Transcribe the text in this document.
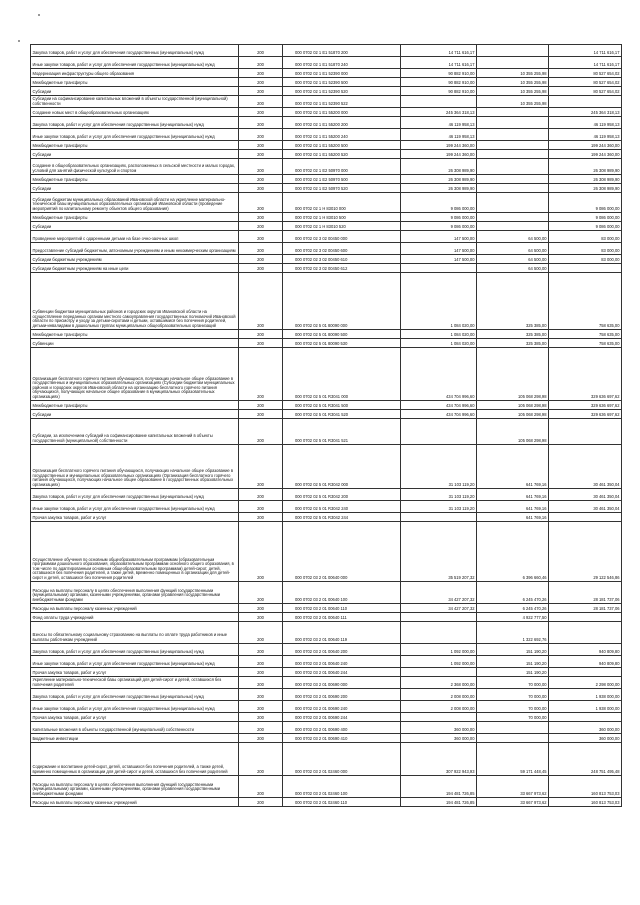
Закупка товаров, работ и услуг для обеспечения государственных (муниципальных) нужд	200	000 0702 02 1 E1 51870 200	14 711 616,17		14 711 616,17
Иные закупки товаров, работ и услуг для обеспечения государственных (муниципальных) нужд	200	000 0702 02 1 E1 51870 240	14 711 616,17		14 711 616,17
Модернизация инфраструктуры общего образования	200	000 0702 02 1 E1 52390 000	90 882 910,00	10 355 255,98	80 527 654,02
Межбюджетные трансферты	200	000 0702 02 1 E1 52390 500	90 882 910,00	10 355 255,98	80 527 654,02
Субсидии	200	000 0702 02 1 E1 52390 520	90 882 910,00	10 355 255,98	80 527 654,02
Субсидии на софинансирование капитальных вложений в объекты государственной (муниципальной) собственности	200	000 0702 02 1 E1 52390 522		10 355 255,98	
Создание новых мест в общеобразовательных организациях	200	000 0702 02 1 E1 55200 000	245 364 318,13		245 364 318,13
Закупка товаров, работ и услуг для обеспечения государственных (муниципальных) нужд	200	000 0702 02 1 E1 55200 200	46 119 958,13		46 119 958,13
Иные закупки товаров, работ и услуг для обеспечения государственных (муниципальных) нужд	200	000 0702 02 1 E1 55200 240	46 119 958,13		46 119 958,13
Межбюджетные трансферты	200	000 0702 02 1 E1 55200 500	199 244 360,00		199 244 360,00
Субсидии	200	000 0702 02 1 E1 55200 520	199 244 360,00		199 244 360,00
Создание в общеобразовательных организациях, расположенных в сельской местности и малых городах, условий для занятий физической культурой и спортом	200	000 0702 02 1 E2 50970 000	26 308 989,90		26 308 989,90
Межбюджетные трансферты	200	000 0702 02 1 E2 50970 500	26 308 989,90		26 308 989,90
Субсидии	200	000 0702 02 1 E2 50970 520	26 308 989,90		26 308 989,90
Субсидии бюджетам муниципальных образований Ивановской области на укрепление материально-технической базы муниципальных образовательных организаций Ивановской области (проведение мероприятий по капитальному ремонту объектов общего образования)	200	000 0702 02 1 Н 83010 000	9 086 000,00		9 086 000,00
Межбюджетные трансферты	200	000 0702 02 1 Н 83010 500	9 086 000,00		9 086 000,00
Субсидии	200	000 0702 02 1 Н 83010 520	9 086 000,00		9 086 000,00
Проведение мероприятий с одаренными детьми на базе очно-заочных школ	200	000 0702 02 3 02 00450 000	147 500,00	64 500,00	83 000,00
Предоставление субсидий бюджетным, автономным учреждениям и иным некоммерческим организациям	200	000 0702 02 3 02 00450 600	147 500,00	64 500,00	83 000,00
Субсидии бюджетным учреждениям	200	000 0702 02 3 02 00450 610	147 500,00	64 500,00	83 000,00
Субсидии бюджетным учреждениям на иные цели	200	000 0702 02 3 02 00450 612		64 500,00	
Субвенции бюджетам муниципальных районов и городских округов Ивановской области на осуществление переданных органам местного самоуправления государственных полномочий Ивановской области по присмотру и уходу за детьми-сиротами и детьми, оставшимися без попечения родителей, детьми-инвалидами в дошкольных группах муниципальных общеобразовательных организаций	200	000 0702 02 5 01 80090 000	1 084 020,00	325 385,00	758 635,00
Межбюджетные трансферты	200	000 0702 02 5 01 80090 500	1 084 020,00	325 385,00	758 635,00
Субвенции	200	000 0702 02 5 01 80090 530	1 084 020,00	325 385,00	758 635,00
Организация бесплатного горячего питания обучающихся, получающих начальное общее образование в государственных и муниципальных образовательных организациях (Субсидии бюджетам муниципальных районов и городских округов Ивановской области на организацию бесплатного горячего питания обучающихся, получающих начальное общее образование в муниципальных образовательных организациях)	200	000 0702 02 5 01 R3041 000	434 704 996,60	105 068 298,98	329 636 697,62
Межбюджетные трансферты	200	000 0702 02 5 01 R3041 500	434 704 996,60	105 068 298,98	329 636 697,62
Субсидии	200	000 0702 02 5 01 R3041 520	434 704 996,60	105 068 298,98	329 636 697,62
Субсидии, за исключением субсидий на софинансирование капитальных вложений в объекты государственной (муниципальной) собственности	200	000 0702 02 5 01 R3041 521		105 068 298,98	
Организация бесплатного горячего питания обучающихся, получающих начальное общее образование в государственных и муниципальных образовательных организациях (Организация бесплатного горячего питания обучающихся, получающих начальное общее образование в государственных образовательных организациях)	200	000 0702 02 5 01 R3042 000	31 103 119,20	641 769,16	30 461 350,04
Закупка товаров, работ и услуг для обеспечения государственных (муниципальных) нужд	200	000 0702 02 5 01 R3042 200	31 103 119,20	641 769,16	30 461 350,04
Иные закупки товаров, работ и услуг для обеспечения государственных (муниципальных) нужд	200	000 0702 02 5 01 R3042 240	31 103 119,20	641 769,16	30 461 350,04
Прочая закупка товаров, работ и услуг	200	000 0702 02 5 01 R3042 244		641 769,16	
Осуществление обучения по основным общеобразовательным программам (образовательным программам дошкольного образования, образовательным программам основного общего образования, в том числе по адаптированным основным общеобразовательным программам) детей-сирот, детей, оставшихся без попечения родителей, а также детей, временно помещенных в организации для детей-сирот и детей, оставшихся без попечения родителей	200	000 0702 03 2 01 00640 000	35 519 207,32	6 396 660,46	29 122 546,86
Расходы на выплаты персоналу в целях обеспечения выполнения функций государственными (муниципальными) органами, казенными учреждениями, органами управления государственными внебюджетными фондами	200	000 0702 03 2 01 00640 100	34 427 207,32	6 245 470,26	28 181 737,06
Расходы на выплаты персоналу казенных учреждений	200	000 0702 03 2 01 00640 110	34 427 207,32	6 245 470,26	28 181 737,06
Фонд оплаты труда учреждений	200	000 0702 03 2 01 00640 111		4 922 777,50	
Взносы по обязательному социальному страхованию на выплаты по оплате труда работников и иные выплаты работникам учреждений	200	000 0702 03 2 01 00640 119		1 322 692,76	
Закупка товаров, работ и услуг для обеспечения государственных (муниципальных) нужд	200	000 0702 03 2 01 00640 200	1 092 000,00	151 190,20	940 809,80
Иные закупки товаров, работ и услуг для обеспечения государственных (муниципальных) нужд	200	000 0702 03 2 01 00640 240	1 092 000,00	151 190,20	940 809,80
Прочая закупка товаров, работ и услуг	200	000 0702 03 2 01 00640 244		151 190,20	
Укрепление материально-технической базы организаций для детей-сирот и детей, оставшихся без попечения родителей	200	000 0702 03 2 01 00690 000	2 368 000,00	70 000,00	2 298 000,00
Закупка товаров, работ и услуг для обеспечения государственных (муниципальных) нужд	200	000 0702 03 2 01 00690 200	2 008 000,00	70 000,00	1 938 000,00
Иные закупки товаров, работ и услуг для обеспечения государственных (муниципальных) нужд	200	000 0702 03 2 01 00690 240	2 008 000,00	70 000,00	1 938 000,00
Прочая закупка товаров, работ и услуг	200	000 0702 03 2 01 00690 244		70 000,00	
Капитальные вложения в объекты государственной (муниципальной) собственности	200	000 0702 03 2 01 00690 400	360 000,00		360 000,00
Бюджетные инвестиции	200	000 0702 03 2 01 00690 410	360 000,00		360 000,00
Содержание и воспитание детей-сирот, детей, оставшихся без попечения родителей, а также детей, временно помещенных в организации для детей-сирот и детей, оставшихся без попечения родителей	200	000 0702 03 2 01 02460 000	307 922 943,93	59 171 448,45	248 751 495,48
Расходы на выплаты персоналу в целях обеспечения выполнения функций государственными (муниципальными) органами, казенными учреждениями, органами управления государственными внебюджетными фондами	200	000 0702 03 2 01 02460 100	194 481 726,85	33 667 973,62	160 813 753,03
Расходы на выплаты персоналу казенных учреждений	200	000 0702 03 2 01 02460 110	194 481 726,85	33 667 973,62	160 813 753,03
